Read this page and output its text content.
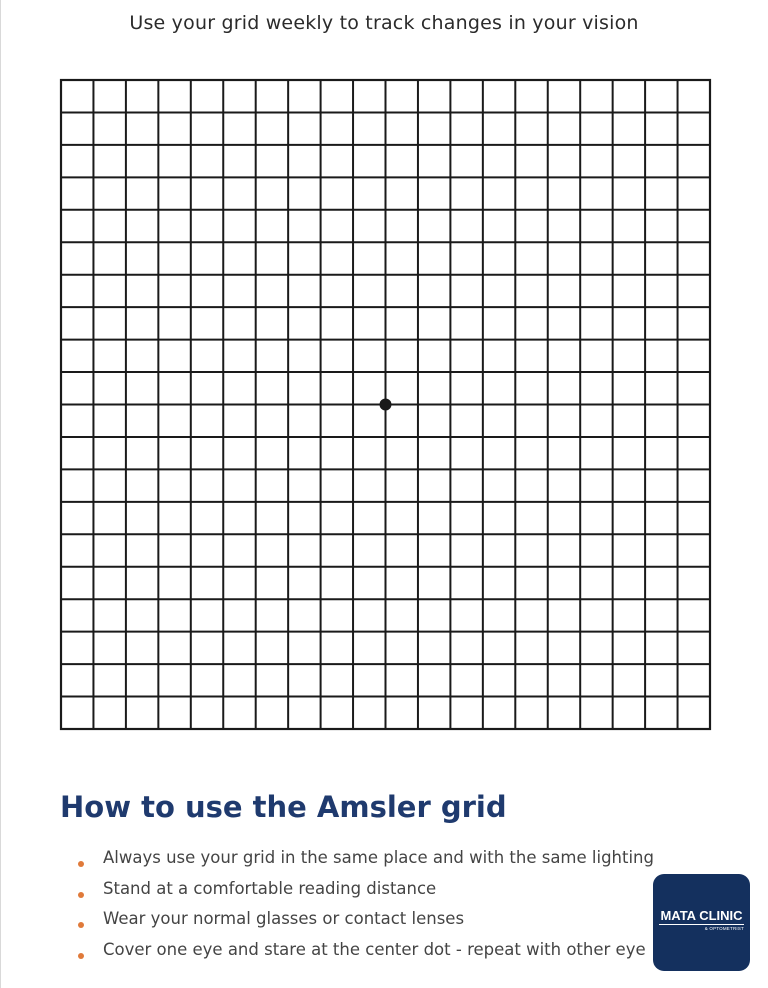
Use your grid weekly to track changes in your vision
How to use the Amsler grid
Always use your grid in the same place and with the same lighting
Stand at a comfortable reading distance
Wear your normal glasses or contact lenses
Cover one eye and stare at the center dot - repeat with other eye
MATA CLINIC
& OPTOMETRIST
